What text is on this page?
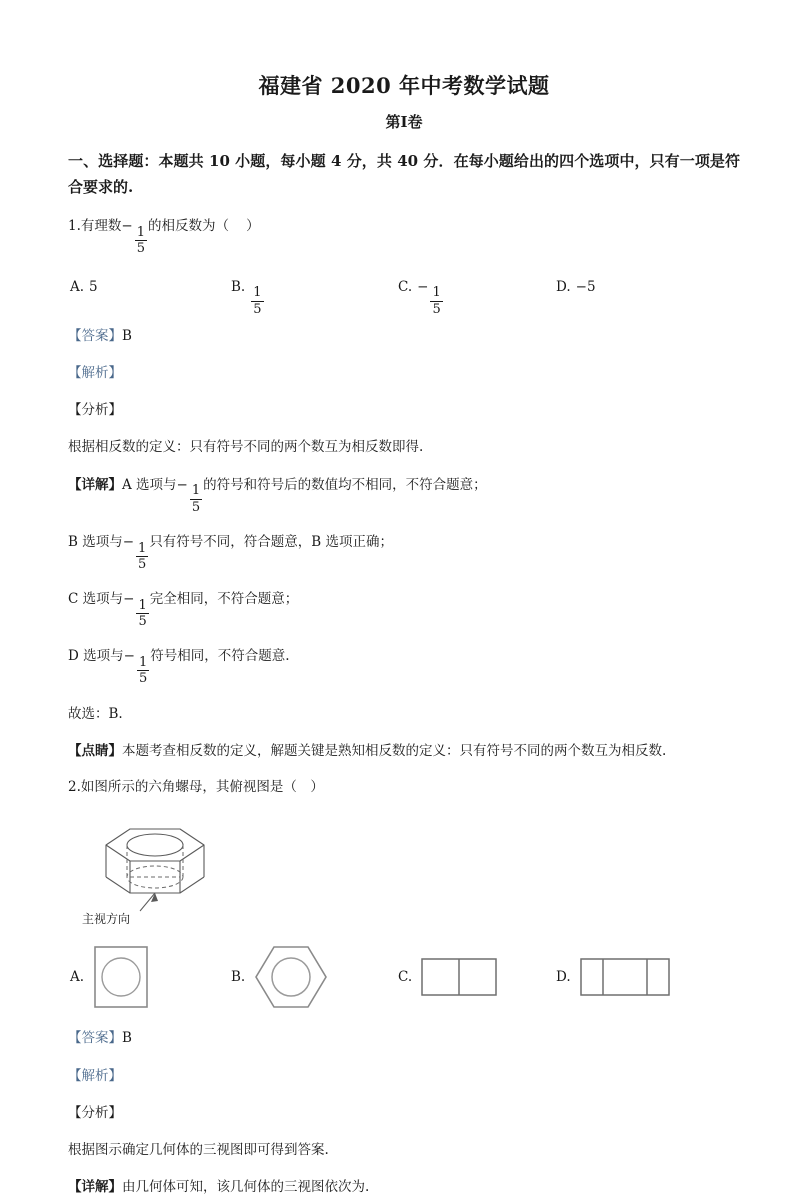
福建省 2020 年中考数学试题
第Ⅰ卷
一、选择题：本题共 10 小题，每小题 4 分，共 40 分．在每小题给出的四个选项中，只有一项是符合要求的.
1.有理数− $\frac{1}{5}$ 的相反数为（ ）
A. 5	B. $\frac{1}{5}$	C. − $\frac{1}{5}$	D. −5
【答案】B
【解析】
【分析】
根据相反数的定义：只有符号不同的两个数互为相反数即得.
【详解】A 选项与− $\frac{1}{5}$ 的符号和符号后的数值均不相同，不符合题意；
B 选项与− $\frac{1}{5}$ 只有符号不同，符合题意，B 选项正确；
C 选项与− $\frac{1}{5}$ 完全相同，不符合题意；
D 选项与− $\frac{1}{5}$ 符号相同，不符合题意.
故选：B.
【点睛】本题考查相反数的定义，解题关键是熟知相反数的定义：只有符号不同的两个数互为相反数.
2.如图所示的六角螺母，其俯视图是（　）
主视方向
A.	B.	C.	D.
【答案】B
【解析】
【分析】
根据图示确定几何体的三视图即可得到答案.
【详解】由几何体可知，该几何体的三视图依次为.
